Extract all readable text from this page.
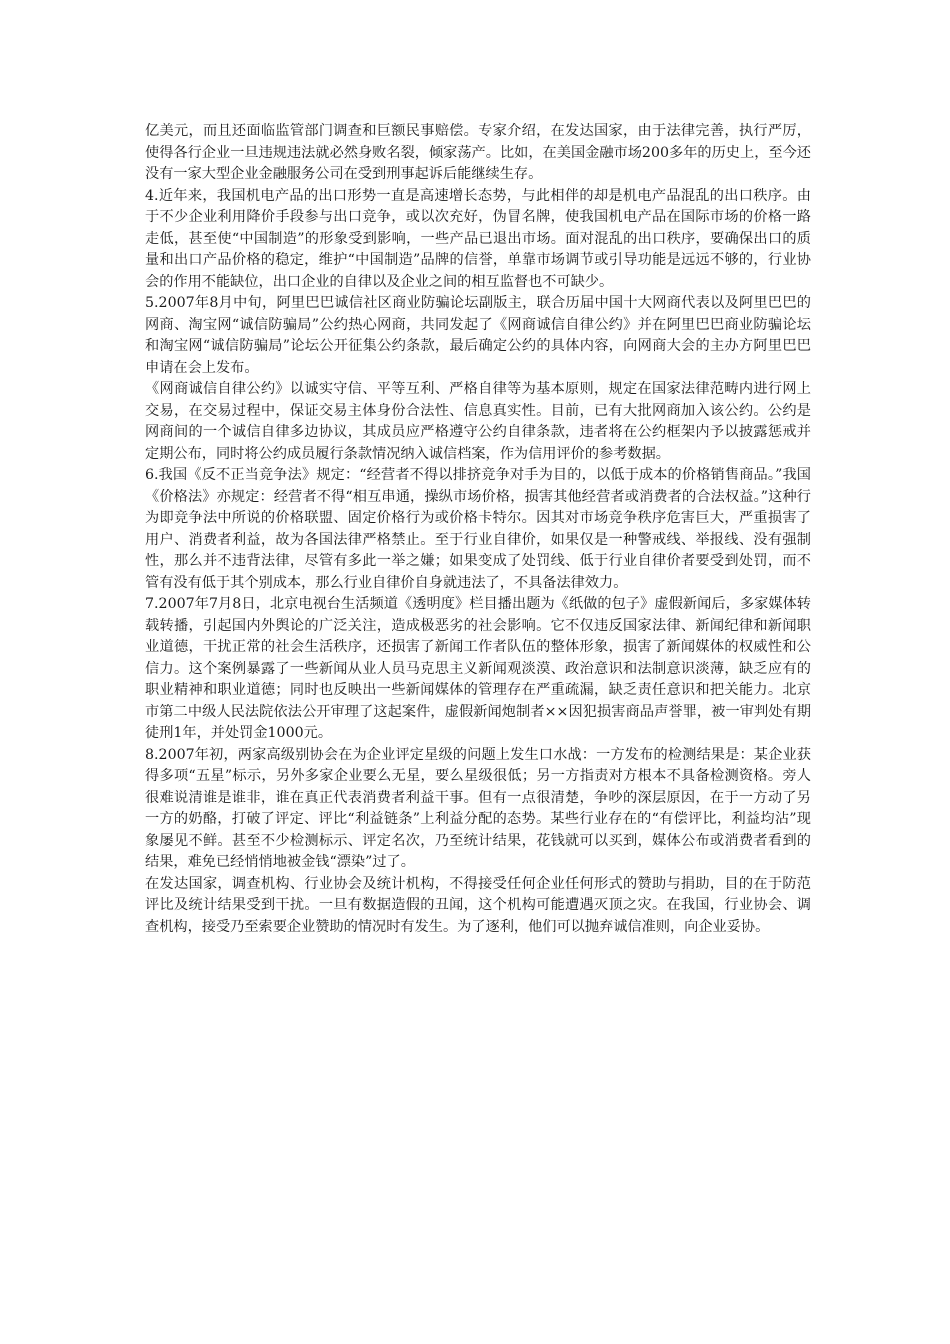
亿美元，而且还面临监管部门调查和巨额民事赔偿。专家介绍，在发达国家，由于法律完善，执行严厉，使得各行企业一旦违规违法就必然身败名裂，倾家荡产。比如，在美国金融市场200多年的历史上，至今还没有一家大型企业金融服务公司在受到刑事起诉后能继续生存。

4.近年来，我国机电产品的出口形势一直是高速增长态势，与此相伴的却是机电产品混乱的出口秩序。由于不少企业利用降价手段参与出口竞争，或以次充好，伪冒名牌，使我国机电产品在国际市场的价格一路走低，甚至使“中国制造”的形象受到影响，一些产品已退出市场。面对混乱的出口秩序，要确保出口的质量和出口产品价格的稳定，维护“中国制造”品牌的信誉，单靠市场调节或引导功能是远远不够的，行业协会的作用不能缺位，出口企业的自律以及企业之间的相互监督也不可缺少。

5.2007年8月中旬，阿里巴巴诚信社区商业防骗论坛副版主，联合历届中国十大网商代表以及阿里巴巴的网商、淘宝网“诚信防骗局”公约热心网商，共同发起了《网商诚信自律公约》并在阿里巴巴商业防骗论坛和淘宝网“诚信防骗局”论坛公开征集公约条款，最后确定公约的具体内容，向网商大会的主办方阿里巴巴申请在会上发布。

《网商诚信自律公约》以诚实守信、平等互利、严格自律等为基本原则，规定在国家法律范畴内进行网上交易，在交易过程中，保证交易主体身份合法性、信息真实性。目前，已有大批网商加入该公约。公约是网商间的一个诚信自律多边协议，其成员应严格遵守公约自律条款，违者将在公约框架内予以披露惩戒并定期公布，同时将公约成员履行条款情况纳入诚信档案，作为信用评价的参考数据。

6.我国《反不正当竞争法》规定：“经营者不得以排挤竞争对手为目的，以低于成本的价格销售商品。”我国《价格法》亦规定：经营者不得“相互串通，操纵市场价格，损害其他经营者或消费者的合法权益。”这种行为即竞争法中所说的价格联盟、固定价格行为或价格卡特尔。因其对市场竞争秩序危害巨大，严重损害了用户、消费者利益，故为各国法律严格禁止。至于行业自律价，如果仅是一种警戒线、举报线、没有强制性，那么并不违背法律，尽管有多此一举之嫌；如果变成了处罚线、低于行业自律价者要受到处罚，而不管有没有低于其个别成本，那么行业自律价自身就违法了，不具备法律效力。

7.2007年7月8日，北京电视台生活频道《透明度》栏目播出题为《纸做的包子》虚假新闻后，多家媒体转载转播，引起国内外舆论的广泛关注，造成极恶劣的社会影响。它不仅违反国家法律、新闻纪律和新闻职业道德，干扰正常的社会生活秩序，还损害了新闻工作者队伍的整体形象，损害了新闻媒体的权威性和公信力。这个案例暴露了一些新闻从业人员马克思主义新闻观淡漠、政治意识和法制意识淡薄，缺乏应有的职业精神和职业道德；同时也反映出一些新闻媒体的管理存在严重疏漏，缺乏责任意识和把关能力。北京市第二中级人民法院依法公开审理了这起案件，虚假新闻炮制者××因犯损害商品声誉罪，被一审判处有期徒刑1年，并处罚金1000元。

8.2007年初，两家高级别协会在为企业评定星级的问题上发生口水战：一方发布的检测结果是：某企业获得多项“五星”标示，另外多家企业要么无星，要么星级很低；另一方指责对方根本不具备检测资格。旁人很难说清谁是谁非，谁在真正代表消费者利益干事。但有一点很清楚，争吵的深层原因，在于一方动了另一方的奶酪，打破了评定、评比“利益链条”上利益分配的态势。某些行业存在的“有偿评比，利益均沾”现象屡见不鲜。甚至不少检测标示、评定名次，乃至统计结果，花钱就可以买到，媒体公布或消费者看到的结果，难免已经悄悄地被金钱“漂染”过了。

在发达国家，调查机构、行业协会及统计机构，不得接受任何企业任何形式的赞助与捐助，目的在于防范评比及统计结果受到干扰。一旦有数据造假的丑闻，这个机构可能遭遇灭顶之灾。在我国，行业协会、调查机构，接受乃至索要企业赞助的情况时有发生。为了逐利，他们可以抛弃诚信准则，向企业妥协。
